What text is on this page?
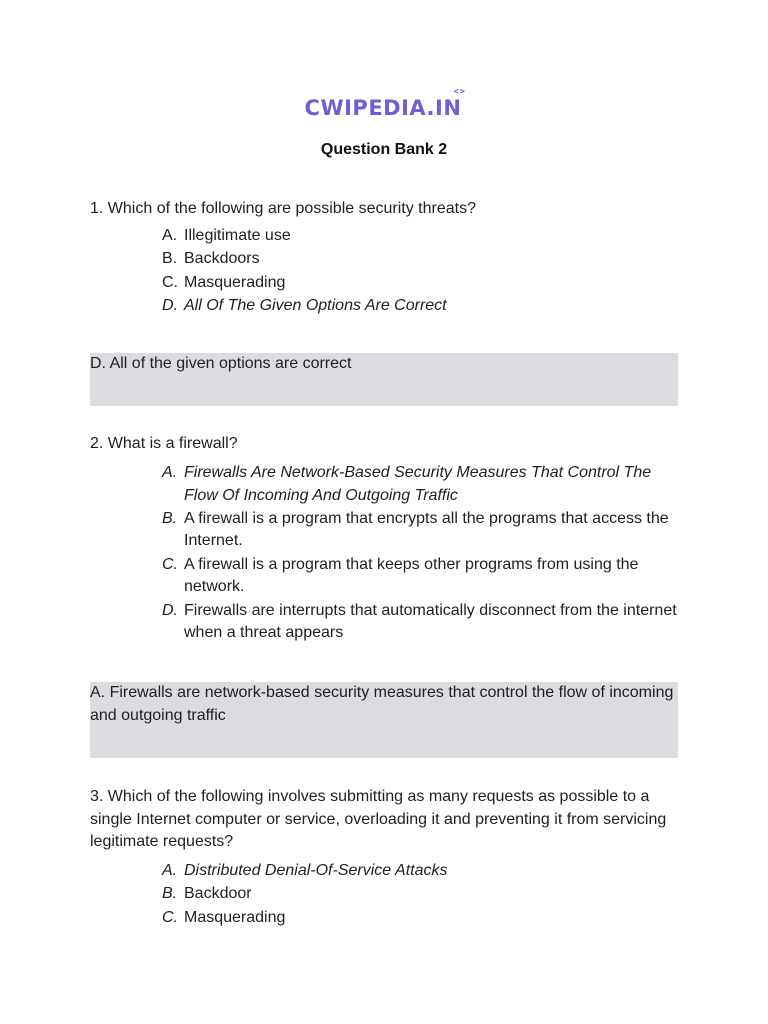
CWIPEDIA.IN
<>
Question Bank 2
1. Which of the following are possible security threats?
A. Illegitimate use
B. Backdoors
C. Masquerading
D. All Of The Given Options Are Correct
D. All of the given options are correct
2. What is a firewall?
A. Firewalls Are Network-Based Security Measures That Control The Flow Of Incoming And Outgoing Traffic
B. A firewall is a program that encrypts all the programs that access the Internet.
C. A firewall is a program that keeps other programs from using the network.
D. Firewalls are interrupts that automatically disconnect from the internet when a threat appears
A. Firewalls are network-based security measures that control the flow of incoming and outgoing traffic
3. Which of the following involves submitting as many requests as possible to a single Internet computer or service, overloading it and preventing it from servicing legitimate requests?
A. Distributed Denial-Of-Service Attacks
B. Backdoor
C. Masquerading
